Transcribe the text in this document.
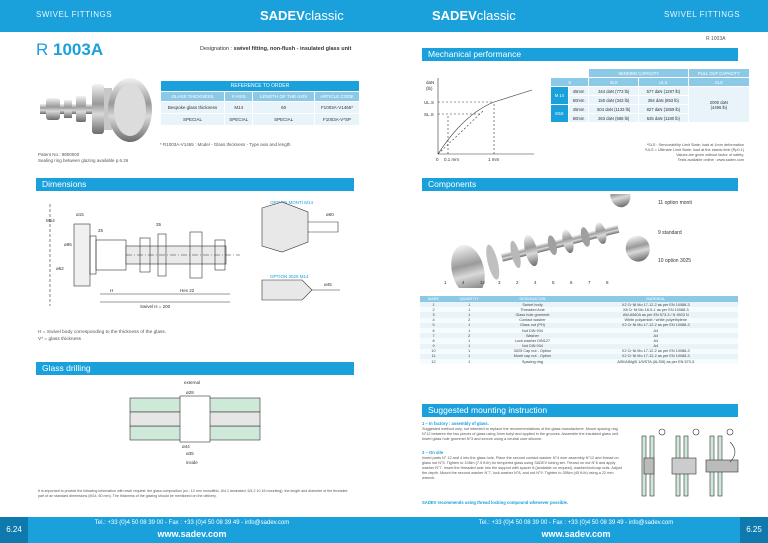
SWIVEL FITTINGS	SADEVclassic
R 1003A	Designation : swivel fitting, non-flush - insulated glass unit
REFERENCE TO ORDER			
GLASS THICKNESS	# AXIS	LENGTH OF THE AXIS	ARTICLE CODE
Bespoke glass thickness	M14	60	F1003A-V1465*
SPECIAL	SPECIAL	SPECIAL	F1003A-V*SP
* R1003A-V1465 : Model - Glass thickness - Type axis and length
Patent No.: 9800000
Sealing ring between glazing available p.6.26
Dimensions
OPTION MONTI M14
OPTION 3025 M14
M14
ø15
25
ø62
35
ø60
ø45
ø85
Swivel H = 200
Hex 22
H
H = Swivel body corresponding to the thickness of the glass.
V* = glass thickness
Glass drilling
external
inside
ø28
ø44
ø35
It is important to provide the following information with each request: the glass composition (ex.: 10 mm monolithic, 6/4.1 laminated, 6/4.2 10 16 mounting), the length and diameter of the threaded part of an standard dimensions (M14, 60 mm). The thickness of the glazing should be mentioned on the delivery.
Tel.: +33 (0)4 50 08 39 00 - Fax : +33 (0)4 50 08 39 49 - info@sadev.com
www.sadev.com
6.24
SADEVclassic	SWIVEL FITTINGS
R 1003A
Mechanical performance
daN
(lb)
UL.S
SL.S
0 0.1 mm	1 mm
		SENDING CAPACITY		PULL OUT CAPACITY
S		SLS	ULS	SLS
M 14	45mm	344 daN (773 lb)	577 daN (1297 lb)	2000 daN
(4496 lb)
	60mm	150 daN (343 lb)	384 daN (853 lb)	
M16	45mm	504 daN (1133 lb)	827 daN (1859 lb)	
	60mm	263 daN (588 lb)	525 daN (1180 lb)	
*SLS : Serviceability Limit State: load at 1mm deformation
*ULS = Ultimate Limit State: load at the elastic limit (Rp0.1)
Values are given without factor of safety.
Tests available online : www.sadev.com
Components
1	4	12	3	2	4	5	6	7	8
11 option monti
9 standard
10 option 3025
MARK	QUANTITY	DESIGNATION	MATERIAL
1	1	Swivel body	X2 Cr Ni Mo 17-12-2 as per EN 10088-3
2	1	Threaded Axle	X8 Cr Ni Mo 18-5-1 as per EN 10088-3
3	1	Glass hole grommet	AW-6060A as per EN 573-3 / N 4503 N
4	2	Contact washer	White polyamide / white polyethylene
5	1	Glass nut (PH)	X2 Cr Ni Mo 17-12-2 as per EN 10088-3
6	1	Nut DIN 934	A4
7	2	Washer	A4
8	1	Lock washer DIN127	A4
9	1	Nut DIN 934	A4
10	1	3025 Cap nut - Option	X2 Cr Ni Mo 17-12-2 as per EN 10088-3
11	1	Monti cap nut - Option	X2 Cr Ni Mo 17-12-2 as per EN 10088-3
12	1	Spacing ring	AlSi/AlMgSi 1/5/STA (ALSI5) as per EN 573-3
Suggested mounting instruction
1 – In factory : assembly of glass.
Suggested method only, not intended to replace the recommendations of the glass manufacturer. Mount spacing ring N°12 between the two pieces of glass using 3mm butyl and applied in the grooves. Assemble the insulated glass unit. Insert glass hole grommet N°3 and secure using a neutral cure silicone.
2 – On site
Insert parts N° 12 and 4 into the glass hole. Place the second contact washer N°4 over assembly N°12 and thread on glass nut N°5. Tighten to 10Nm (7.5 ft.lb) for tempered glass using SADEV tubing set. Thread on nut N°6 and apply washer N°7. Insert the threaded axle into the support with spacer 8 (available on request), washer/lock/cap nuts. Adjust the depth. Mount the second washer N°7, lock washer N°8, and nut N°9. Tighten to 35Nm (45 ft.lb) using a 22 mm wrench.
SADEV recommends using thread locking compound whenever possible.
Tel.: +33 (0)4 50 08 39 00 - Fax : +33 (0)4 50 08 39 49 - info@sadev.com
www.sadev.com	6.25
